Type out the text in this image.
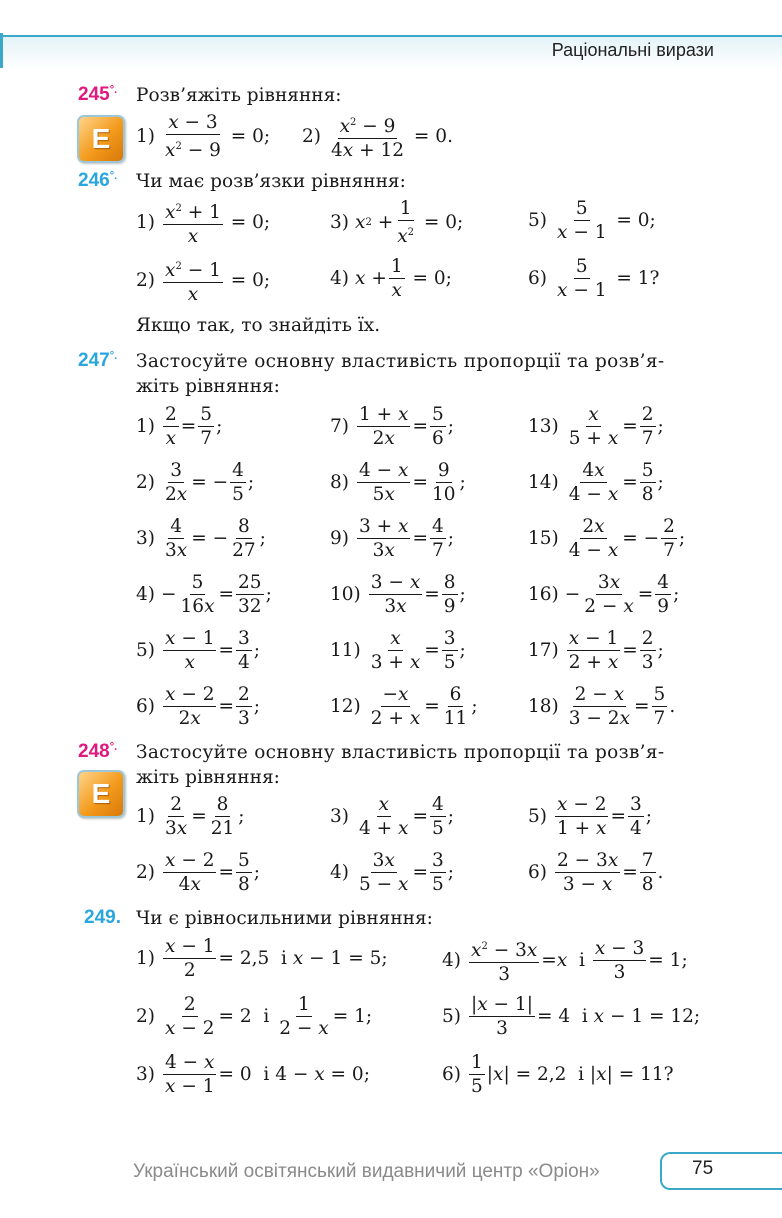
Раціональні вирази
245°. Розв’яжіть рівняння:
Е	$1) \frac{x - 3}{x^2 - 9} = 0$; $2) \frac{x^2 - 9}{4x + 12} = 0$.
246°. Чи має розв’язки рівняння:
$1) \frac{x^2 + 1}{x} = 0$;	3) x $2 + \frac{1}{x^2} = 0$;	$5) \frac{5}{x - 1} = 0$;
$2) \frac{x^2 - 1}{x} = 0$;	4) $x + \frac{1}{x} = 0$;	$6) \frac{5}{x - 1} = 1$?
Якщо так, то знайдіть їх.
247°. Застосуйте основну властивість пропорції та розв’я-
жіть рівняння:
$1) \frac{2}{x} = \frac{5}{7}$ ;
$2) \frac{3}{2x}$ = − $\frac{4}{5}$ ;
$3) \frac{4}{3x}$ = − $\frac{8}{27}$ ;
$4) - \frac{5}{16x} = \frac{25}{32}$ ;
$5) \frac{x - 1}{x} = \frac{3}{4}$ ;
$6) \frac{x - 2}{2x} = \frac{2}{3}$ ;
$7) \frac{1 + x}{2x} = \frac{5}{6}$ ;
$8) \frac{4 - x}{5x} = \frac{9}{10}$ ;
$9) \frac{3 + x}{3x} = \frac{4}{7}$ ;
$10) \frac{3 - x}{3x} = \frac{8}{9}$ ;
$11) \frac{x}{3 + x} = \frac{3}{5}$ ;
$12) \frac{-x}{2 + x} = \frac{6}{11}$ ;
$13) \frac{x}{5 + x} = \frac{2}{7}$ ;
$14) \frac{4x}{4 - x} = \frac{5}{8}$ ;
$15) \frac{2x}{4 - x}$ = − $\frac{2}{7}$ ;
$16) - \frac{3x}{2 - x} = \frac{4}{9}$ ;
$17) \frac{x - 1}{2 + x} = \frac{2}{3}$ ;
$18) \frac{2 - x}{3 - 2x} = \frac{5}{7}$ .
248°. Застосуйте основну властивість пропорції та розв’я-
жіть рівняння:
Е
$1) \frac{2}{3x} = \frac{8}{21}$ ;
$2) \frac{x - 2}{4x} = \frac{5}{8}$ ;
$3) \frac{x}{4 + x} = \frac{4}{5}$ ;
$4) \frac{3x}{5 - x} = \frac{3}{5}$ ;
$5) \frac{x - 2}{1 + x} = \frac{3}{4}$ ;
$6) \frac{2 - 3x}{3 - x} = \frac{7}{8}$ .
249. Чи є рівносильними рівняння:
$1) \frac{x - 1}{2} = 2,5$  і x − 1 = 5;
$2) \frac{2}{x - 2} = 2$  і $\frac{1}{2 - x} = 1$;
$3) \frac{4 - x}{x - 1} = 0$  і 4 − x = 0;
$4) \frac{x^2 - 3x}{3} = x$ і $\frac{x - 3}{3} = 1$;
$5) \frac{|x - 1|}{3} = 4$  і x − 1 = 12;
$6) \frac{1}{5}$ | x | = 2,2  і | x | = 11?
Український освітянський видавничий центр «Оріон»	75
